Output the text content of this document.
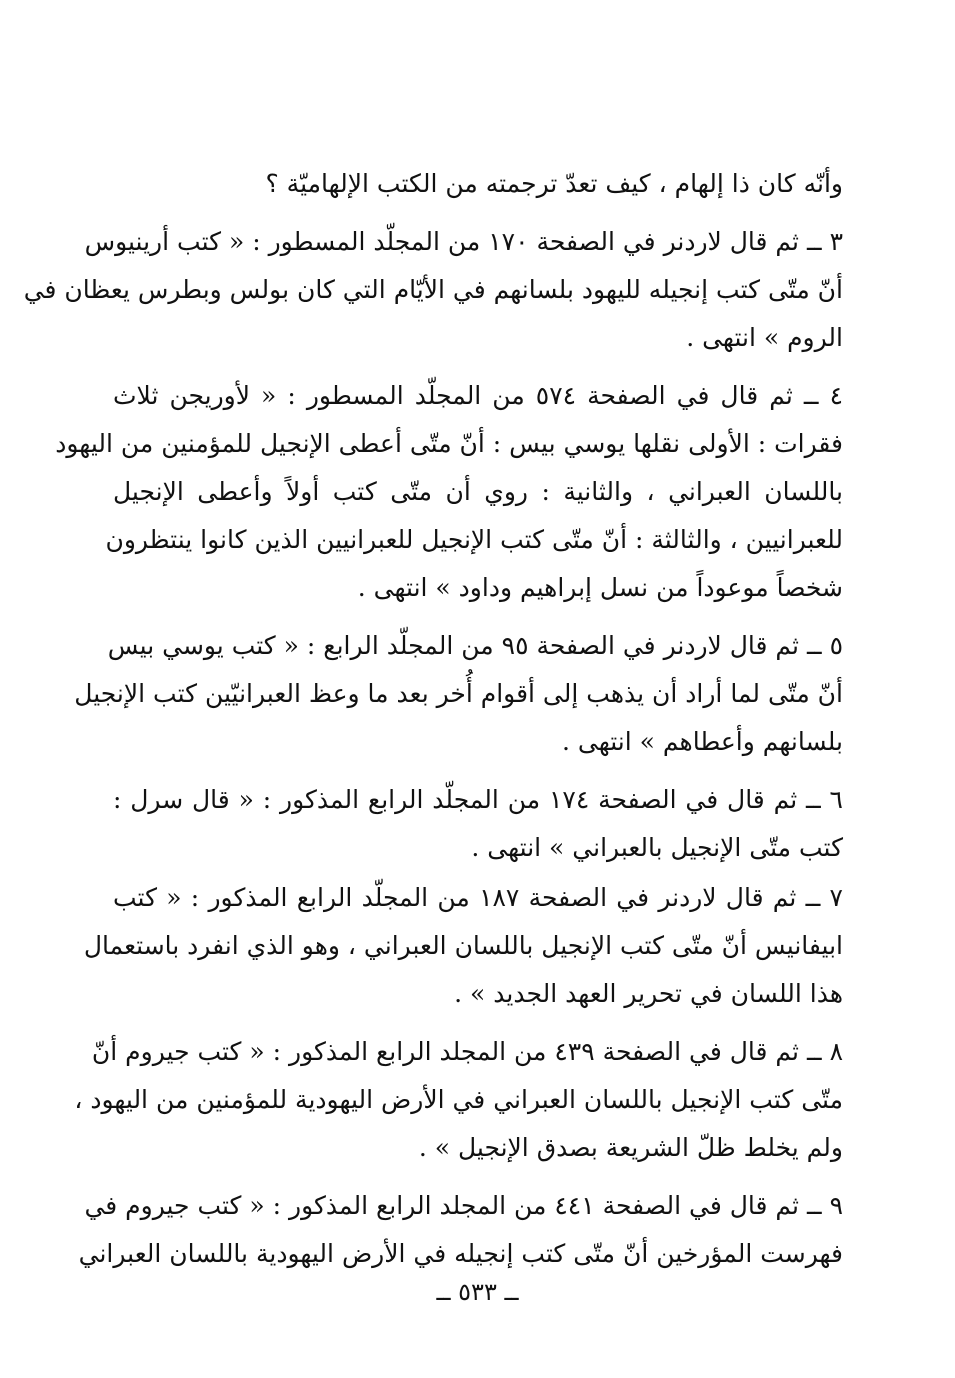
وأنّه كان ذا إلهام ، كيف تعدّ ترجمته من الكتب الإلهاميّة ؟
٣ ــ ثم قال لاردنر في الصفحة ١٧٠ من المجلّد المسطور : « كتب أرينيوس
أنّ متّى كتب إنجيله لليهود بلسانهم في الأيّام التي كان بولس وبطرس يعظان في
الروم » انتهى .
٤ ــ ثم قال في الصفحة ٥٧٤ من المجلّد المسطور : « لأوريجن ثلاث
فقرات : الأولى نقلها يوسي بيس : أنّ متّى أعطى الإنجيل للمؤمنين من اليهود
باللسان العبراني ، والثانية : روي أن متّى كتب أولاً وأعطى الإنجيل
للعبرانيين ، والثالثة : أنّ متّى كتب الإنجيل للعبرانيين الذين كانوا ينتظرون
شخصاً موعوداً من نسل إبراهيم وداود » انتهى .
٥ ــ ثم قال لاردنر في الصفحة ٩٥ من المجلّد الرابع : « كتب يوسي بيس
أنّ متّى لما أراد أن يذهب إلى أقوام أُخر بعد ما وعظ العبرانيّين كتب الإنجيل
بلسانهم وأعطاهم » انتهى .
٦ ــ ثم قال في الصفحة ١٧٤ من المجلّد الرابع المذكور : « قال سرل :
كتب متّى الإنجيل بالعبراني » انتهى .
٧ ــ ثم قال لاردنر في الصفحة ١٨٧ من المجلّد الرابع المذكور : « كتب
ابيفانيس أنّ متّى كتب الإنجيل باللسان العبراني ، وهو الذي انفرد باستعمال
هذا اللسان في تحرير العهد الجديد » .
٨ ــ ثم قال في الصفحة ٤٣٩ من المجلد الرابع المذكور : « كتب جيروم أنّ
متّى كتب الإنجيل باللسان العبراني في الأرض اليهودية للمؤمنين من اليهود ،
ولم يخلط ظلّ الشريعة بصدق الإنجيل » .
٩ ــ ثم قال في الصفحة ٤٤١ من المجلد الرابع المذكور : « كتب جيروم في
فهرست المؤرخين أنّ متّى كتب إنجيله في الأرض اليهودية باللسان العبراني
ــ ٥٣٣ ــ
